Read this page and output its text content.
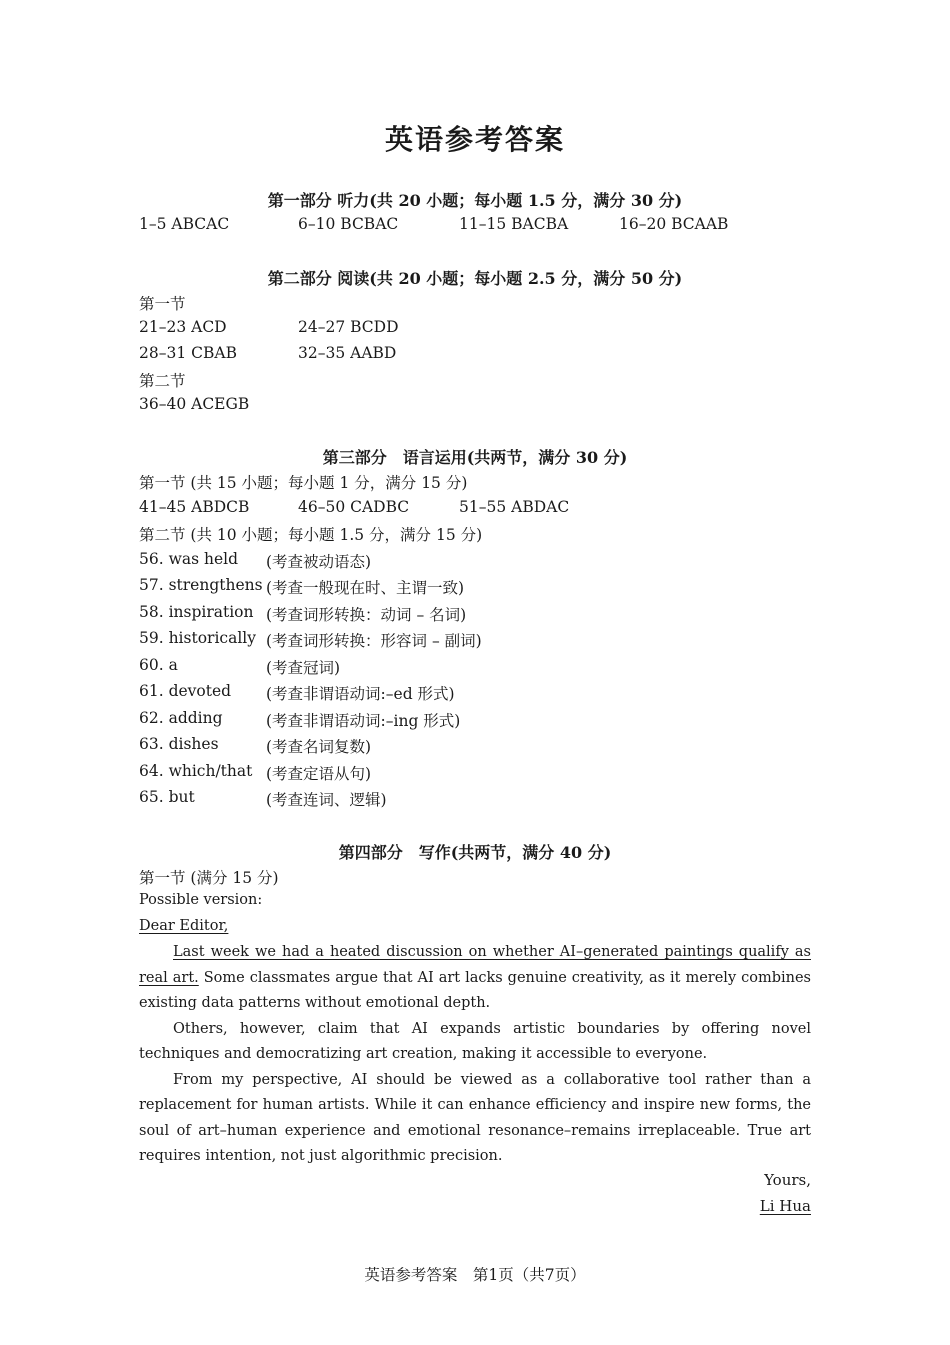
英语参考答案
第一部分 听力(共 20 小题；每小题 1.5 分，满分 30 分)
1–5 ABCAC	6–10 BCBAC	11–15 BACBA	16–20 BCAAB
第二部分 阅读(共 20 小题；每小题 2.5 分，满分 50 分)
第一节
21–23 ACD	24–27 BCDD
28–31 CBAB	32–35 AABD
第二节
36–40 ACEGB
第三部分　语言运用(共两节，满分 30 分)
第一节 (共 15 小题；每小题 1 分，满分 15 分)
41–45 ABDCB	46–50 CADBC	51–55 ABDAC
第二节 (共 10 小题；每小题 1.5 分，满分 15 分)
56. was held (考查被动语态)
57. strengthens (考查一般现在时、主谓一致)
58. inspiration (考查词形转换：动词 – 名词)
59. historically (考查词形转换：形容词 – 副词)
60. a	(考查冠词)
61. devoted (考查非谓语动词:–ed 形式)
62. adding	(考查非谓语动词:–ing 形式)
63. dishes	(考查名词复数)
64. which/that (考查定语从句)
65. but	(考查连词、逻辑)
第四部分　写作(共两节，满分 40 分)
第一节 (满分 15 分)
Possible version:
Dear Editor,

Last week we had a heated discussion on whether AI–generated paintings qualify as real art. Some classmates argue that AI art lacks genuine creativity, as it merely combines existing data patterns without emotional depth.

Others, however, claim that AI expands artistic boundaries by offering novel techniques and democratizing art creation, making it accessible to everyone.

From my perspective, AI should be viewed as a collaborative tool rather than a replacement for human artists. While it can enhance efficiency and inspire new forms, the soul of art–human experience and emotional resonance–remains irreplaceable. True art requires intention, not just algorithmic precision.

Yours,
Li Hua
英语参考答案　第1页（共7页）
